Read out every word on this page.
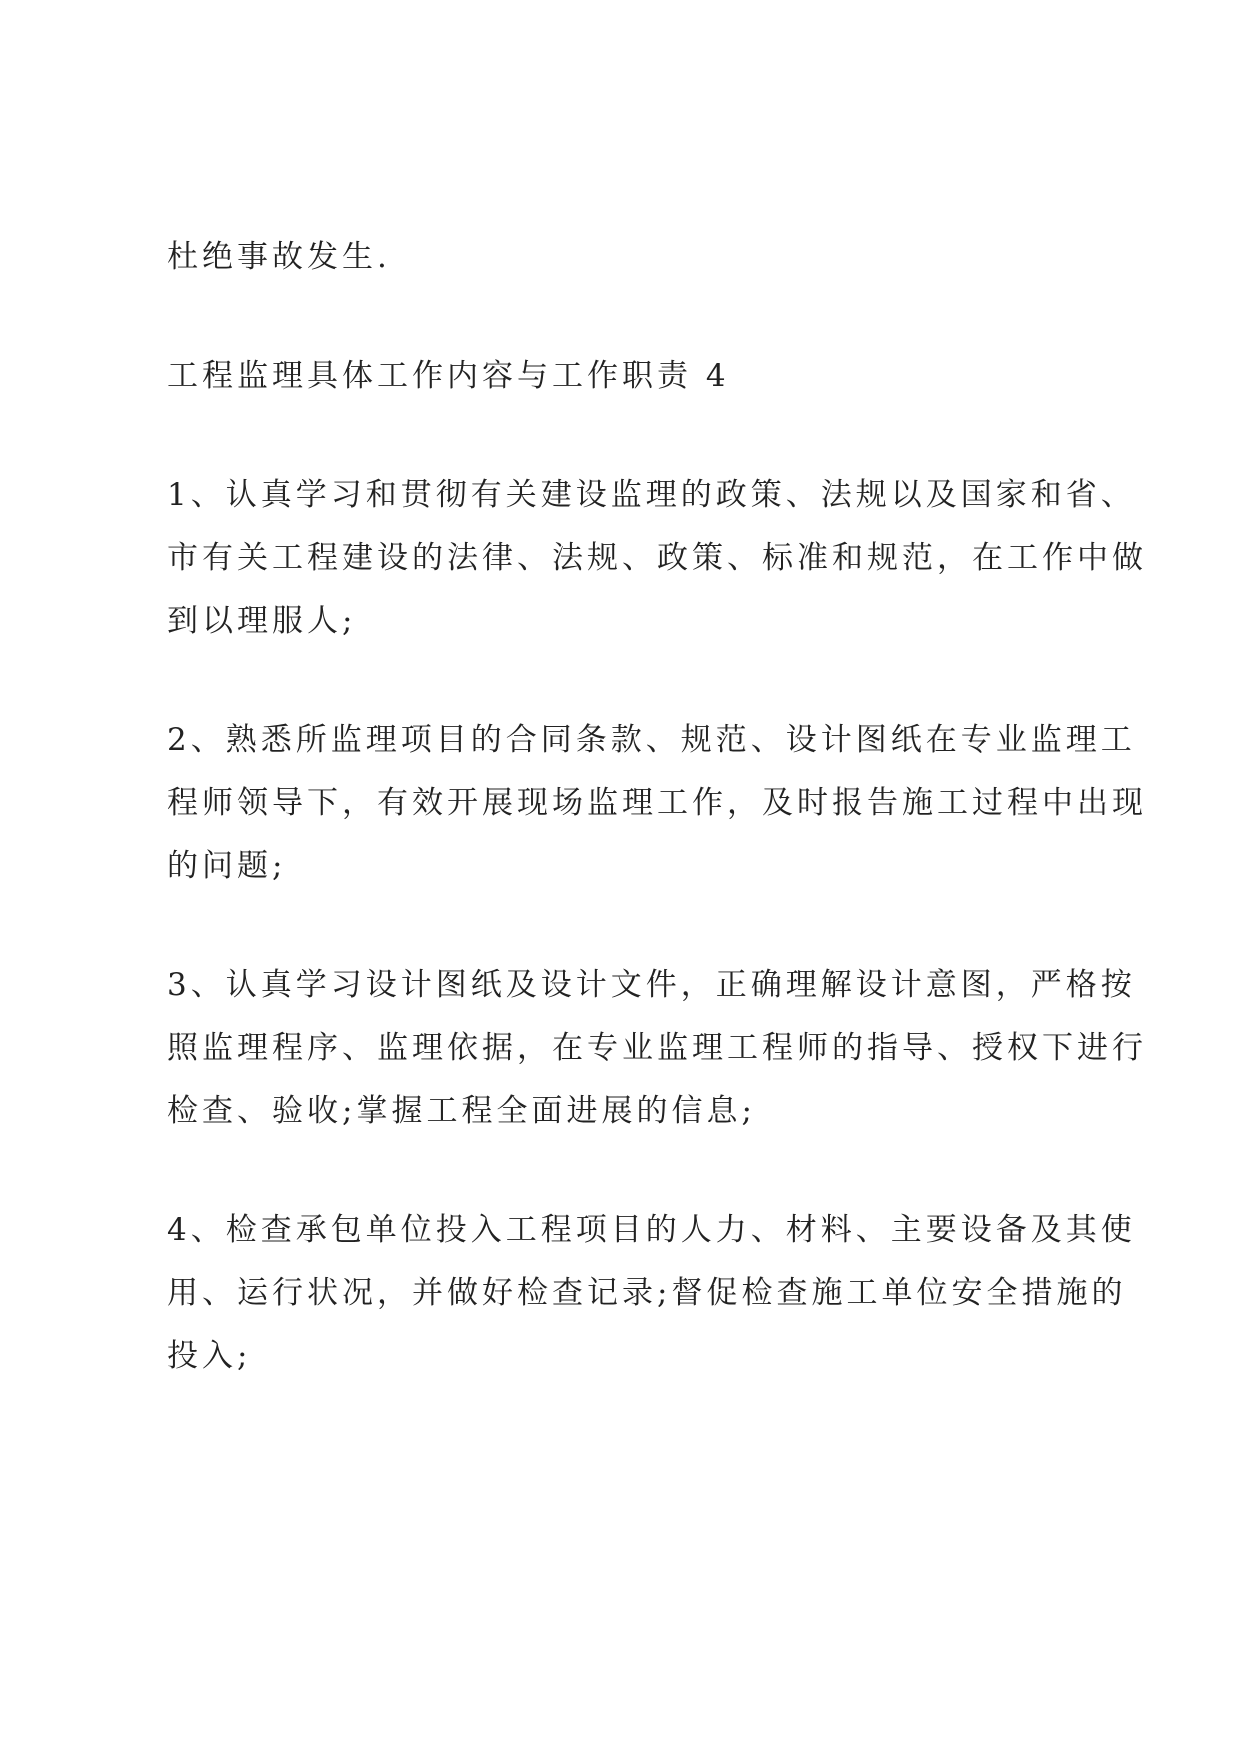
杜绝事故发生.

工程监理具体工作内容与工作职责 4

1、认真学习和贯彻有关建设监理的政策、法规以及国家和省、

市有关工程建设的法律、法规、政策、标准和规范，在工作中做

到以理服人;

2、熟悉所监理项目的合同条款、规范、设计图纸在专业监理工

程师领导下，有效开展现场监理工作，及时报告施工过程中出现

的问题;

3、认真学习设计图纸及设计文件，正确理解设计意图，严格按

照监理程序、监理依据，在专业监理工程师的指导、授权下进行

检查、验收;掌握工程全面进展的信息;

4、检查承包单位投入工程项目的人力、材料、主要设备及其使

用、运行状况，并做好检查记录;督促检查施工单位安全措施的

投入;
